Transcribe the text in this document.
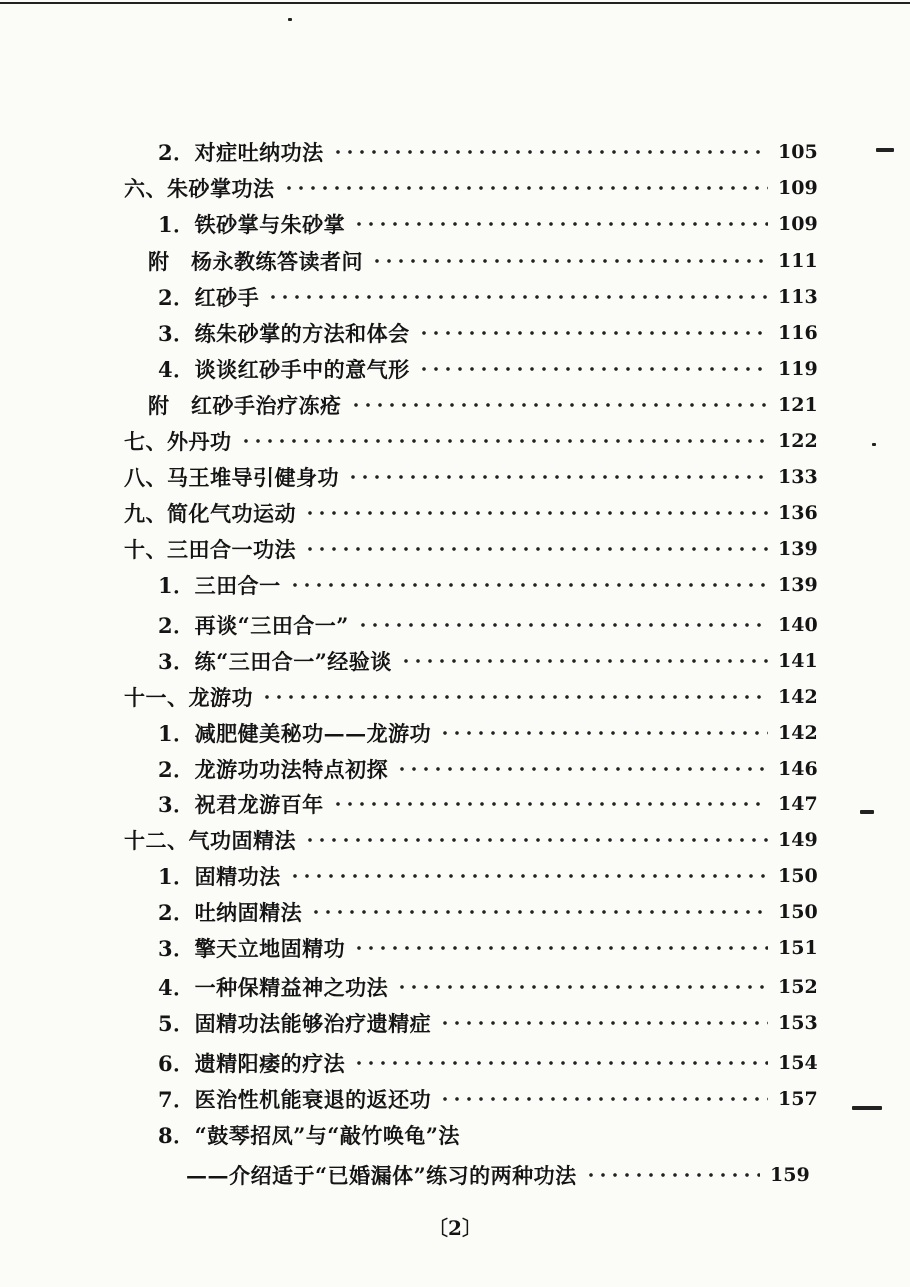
2．对症吐纳功法	105
六、朱砂掌功法	109
1．铁砂掌与朱砂掌	109
附　杨永教练答读者问	111
2．红砂手	113
3．练朱砂掌的方法和体会	116
4．谈谈红砂手中的意气形	119
附　红砂手治疗冻疮	121
七、外丹功	122
八、马王堆导引健身功	133
九、简化气功运动	136
十、三田合一功法	139
1．三田合一	139
2．再谈“三田合一”	140
3．练“三田合一”经验谈	141
十一、龙游功	142
1．减肥健美秘功——龙游功	142
2．龙游功功法特点初探	146
3．祝君龙游百年	147
十二、气功固精法	149
1．固精功法	150
2．吐纳固精法	150
3．擎天立地固精功	151
4．一种保精益神之功法	152
5．固精功法能够治疗遗精症	153
6．遗精阳痿的疗法	154
7．医治性机能衰退的返还功	157
8．“鼓琴招凤”与“敲竹唤龟”法
——介绍适于“已婚漏体”练习的两种功法	159
〔2〕
